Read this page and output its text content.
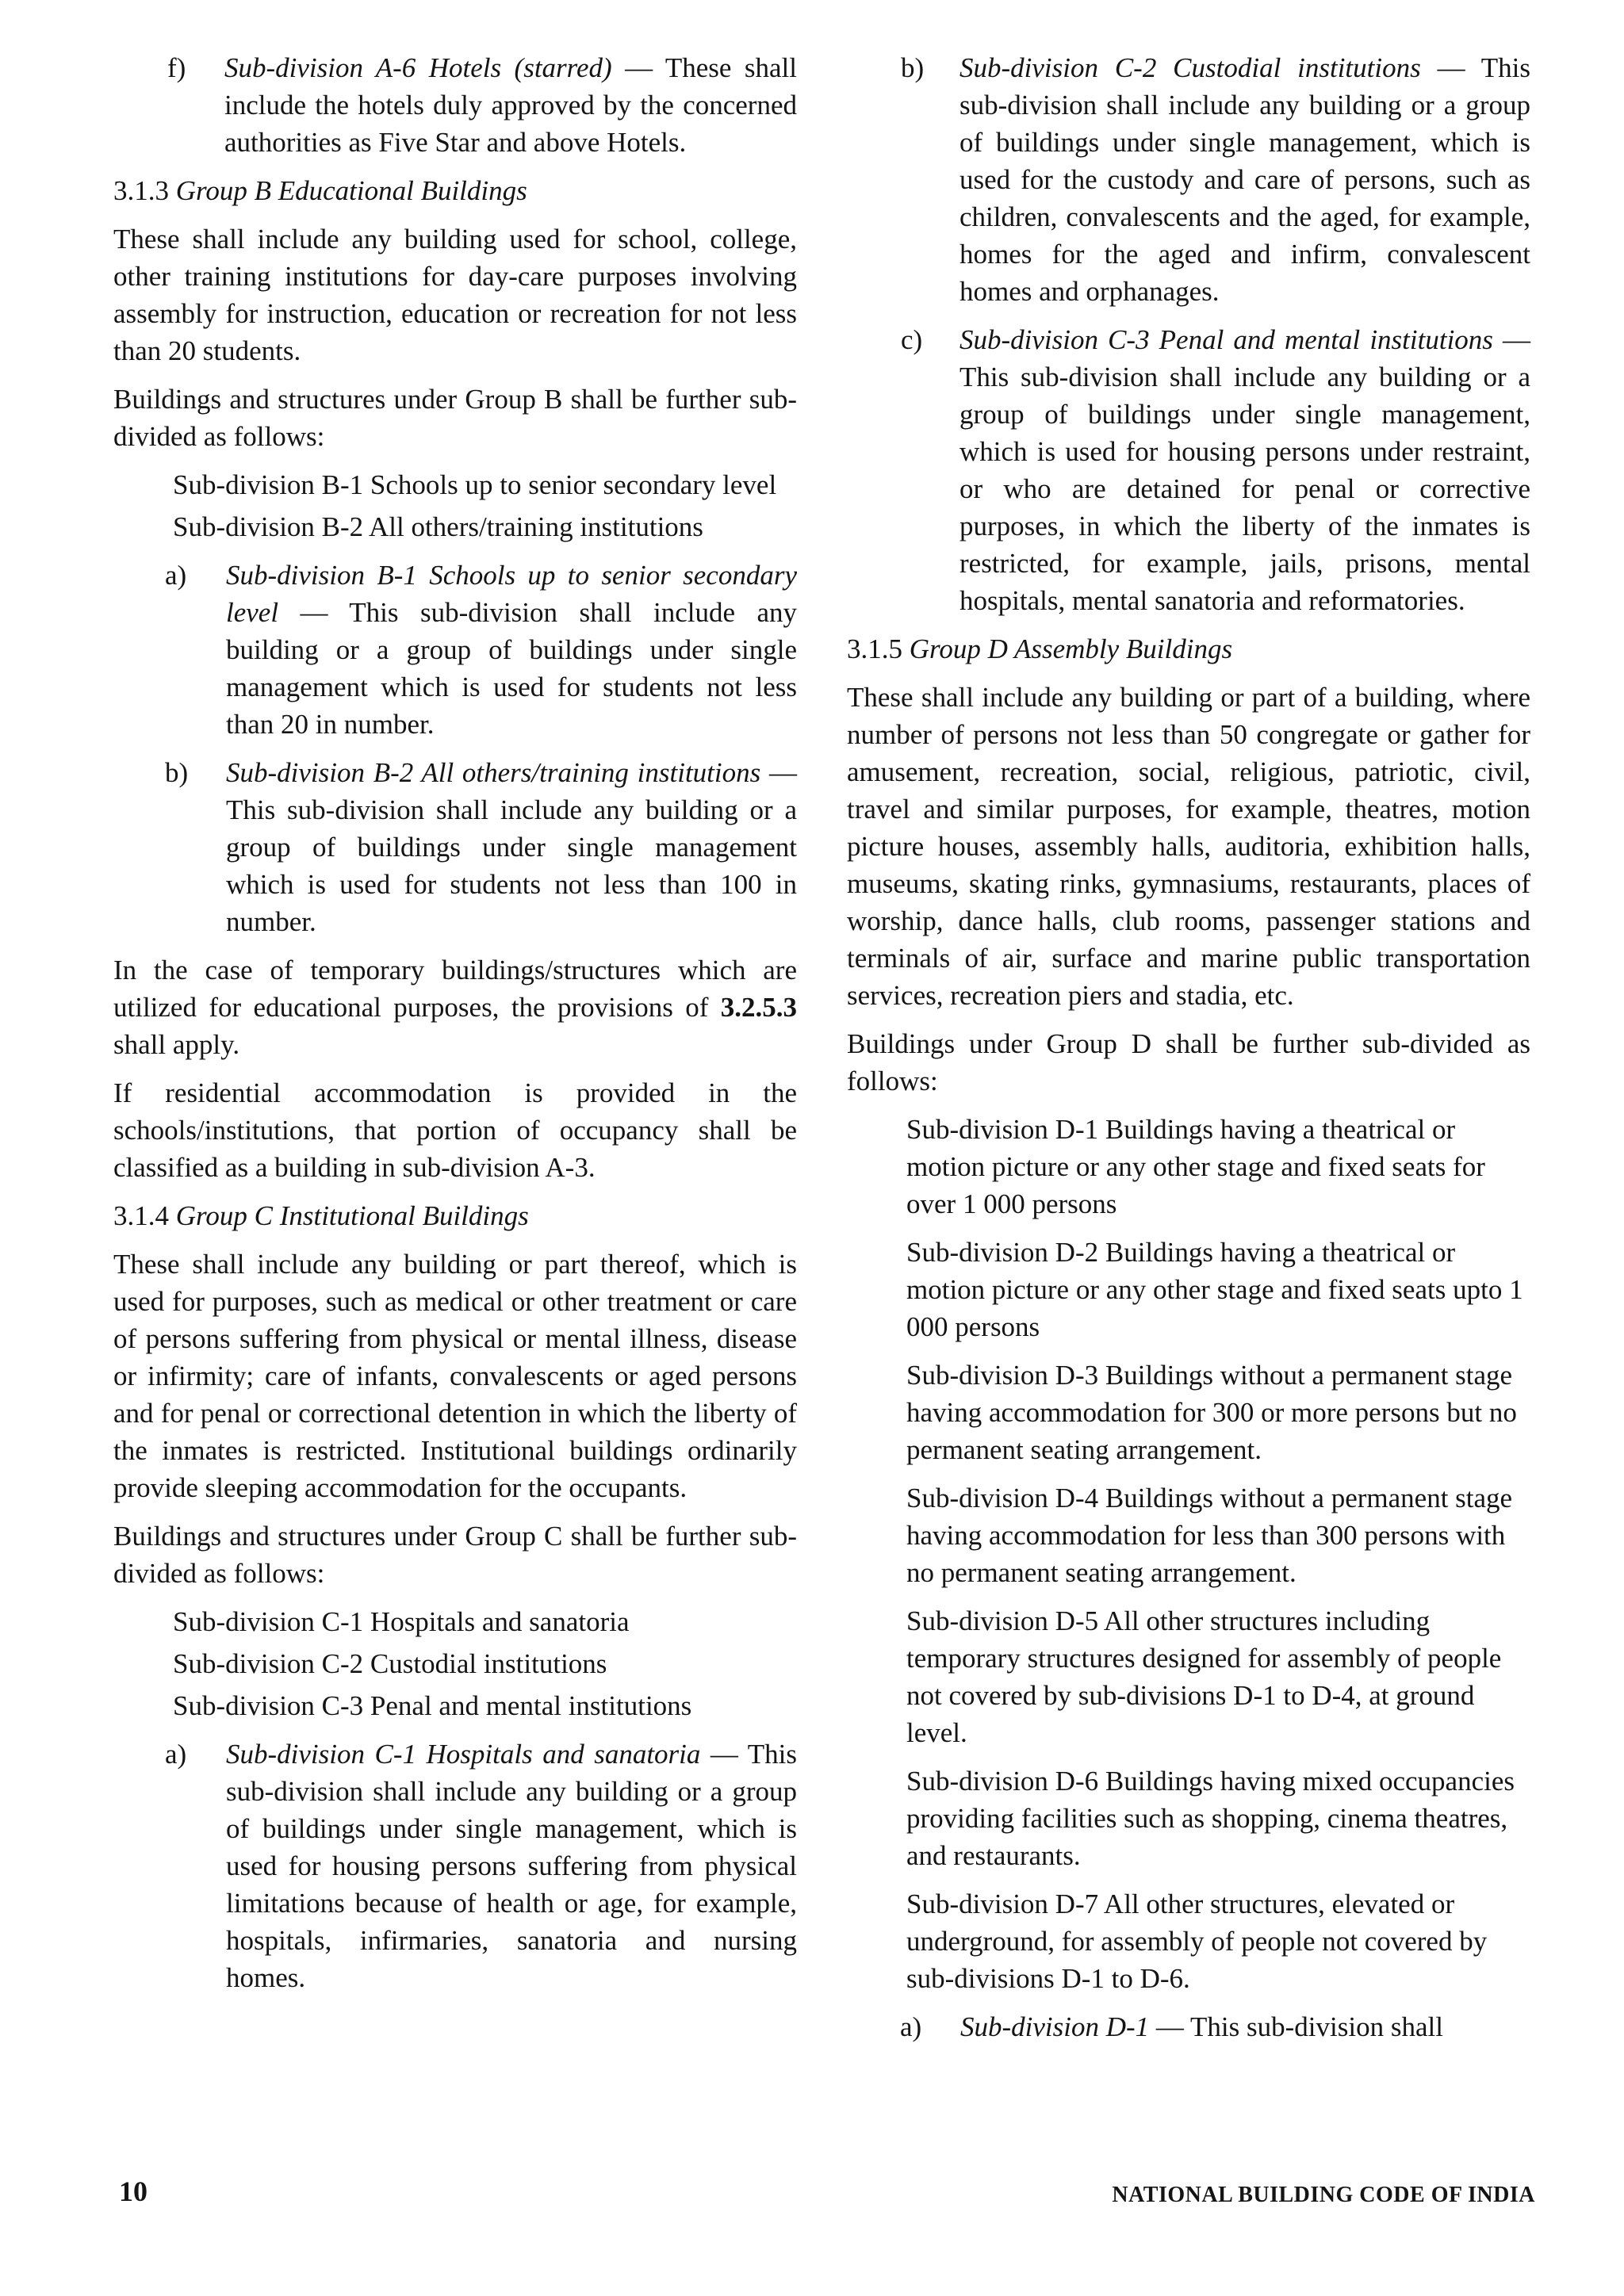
f)	Sub-division A-6 Hotels (starred) — These shall include the hotels duly approved by the concerned authorities as Five Star and above Hotels.
3.1.3 Group B Educational Buildings

These shall include any building used for school, college, other training institutions for day-care purposes involving assembly for instruction, education or recreation for not less than 20 students.

Buildings and structures under Group B shall be further sub-divided as follows:

Sub-division B-1 Schools up to senior secondary level

Sub-division B-2 All others/training institutions

a)	Sub-division B-1 Schools up to senior secondary level — This sub-division shall include any building or a group of buildings under single management which is used for students not less than 20 in number.
b)	Sub-division B-2 All others/training institutions — This sub-division shall include any building or a group of buildings under single management which is used for students not less than 100 in number.

In the case of temporary buildings/structures which are utilized for educational purposes, the provisions of 3.2.5.3 shall apply.

If residential accommodation is provided in the schools/institutions, that portion of occupancy shall be classified as a building in sub-division A-3.

3.1.4 Group C Institutional Buildings

These shall include any building or part thereof, which is used for purposes, such as medical or other treatment or care of persons suffering from physical or mental illness, disease or infirmity; care of infants, convalescents or aged persons and for penal or correctional detention in which the liberty of the inmates is restricted. Institutional buildings ordinarily provide sleeping accommodation for the occupants.

Buildings and structures under Group C shall be further sub-divided as follows:

Sub-division C-1 Hospitals and sanatoria

Sub-division C-2 Custodial institutions

Sub-division C-3 Penal and mental institutions

a)	Sub-division C-1 Hospitals and sanatoria — This sub-division shall include any building or a group of buildings under single management, which is used for housing persons suffering from physical limitations because of health or age, for example, hospitals, infirmaries, sanatoria and nursing homes.
b)	Sub-division C-2 Custodial institutions — This sub-division shall include any building or a group of buildings under single management, which is used for the custody and care of persons, such as children, convalescents and the aged, for example, homes for the aged and infirm, convalescent homes and orphanages.
c)	Sub-division C-3 Penal and mental institutions — This sub-division shall include any building or a group of buildings under single management, which is used for housing persons under restraint, or who are detained for penal or corrective purposes, in which the liberty of the inmates is restricted, for example, jails, prisons, mental hospitals, mental sanatoria and reformatories.
3.1.5 Group D Assembly Buildings

These shall include any building or part of a building, where number of persons not less than 50 congregate or gather for amusement, recreation, social, religious, patriotic, civil, travel and similar purposes, for example, theatres, motion picture houses, assembly halls, auditoria, exhibition halls, museums, skating rinks, gymnasiums, restaurants, places of worship, dance halls, club rooms, passenger stations and terminals of air, surface and marine public transportation services, recreation piers and stadia, etc.

Buildings under Group D shall be further sub-divided as follows:

Sub-division D-1 Buildings having a theatrical or motion picture or any other stage and fixed seats for over 1 000 persons

Sub-division D-2 Buildings having a theatrical or motion picture or any other stage and fixed seats upto 1 000 persons

Sub-division D-3 Buildings without a permanent stage having accommodation for 300 or more persons but no permanent seating arrangement.

Sub-division D-4 Buildings without a permanent stage having accommodation for less than 300 persons with no permanent seating arrangement.

Sub-division D-5 All other structures including temporary structures designed for assembly of people not covered by sub-divisions D-1 to D-4, at ground level.

Sub-division D-6 Buildings having mixed occupancies providing facilities such as shopping, cinema theatres, and restaurants.

Sub-division D-7 All other structures, elevated or underground, for assembly of people not covered by sub-divisions D-1 to D-6.

a)	Sub-division D-1 — This sub-division shall
10	NATIONAL BUILDING CODE OF INDIA
